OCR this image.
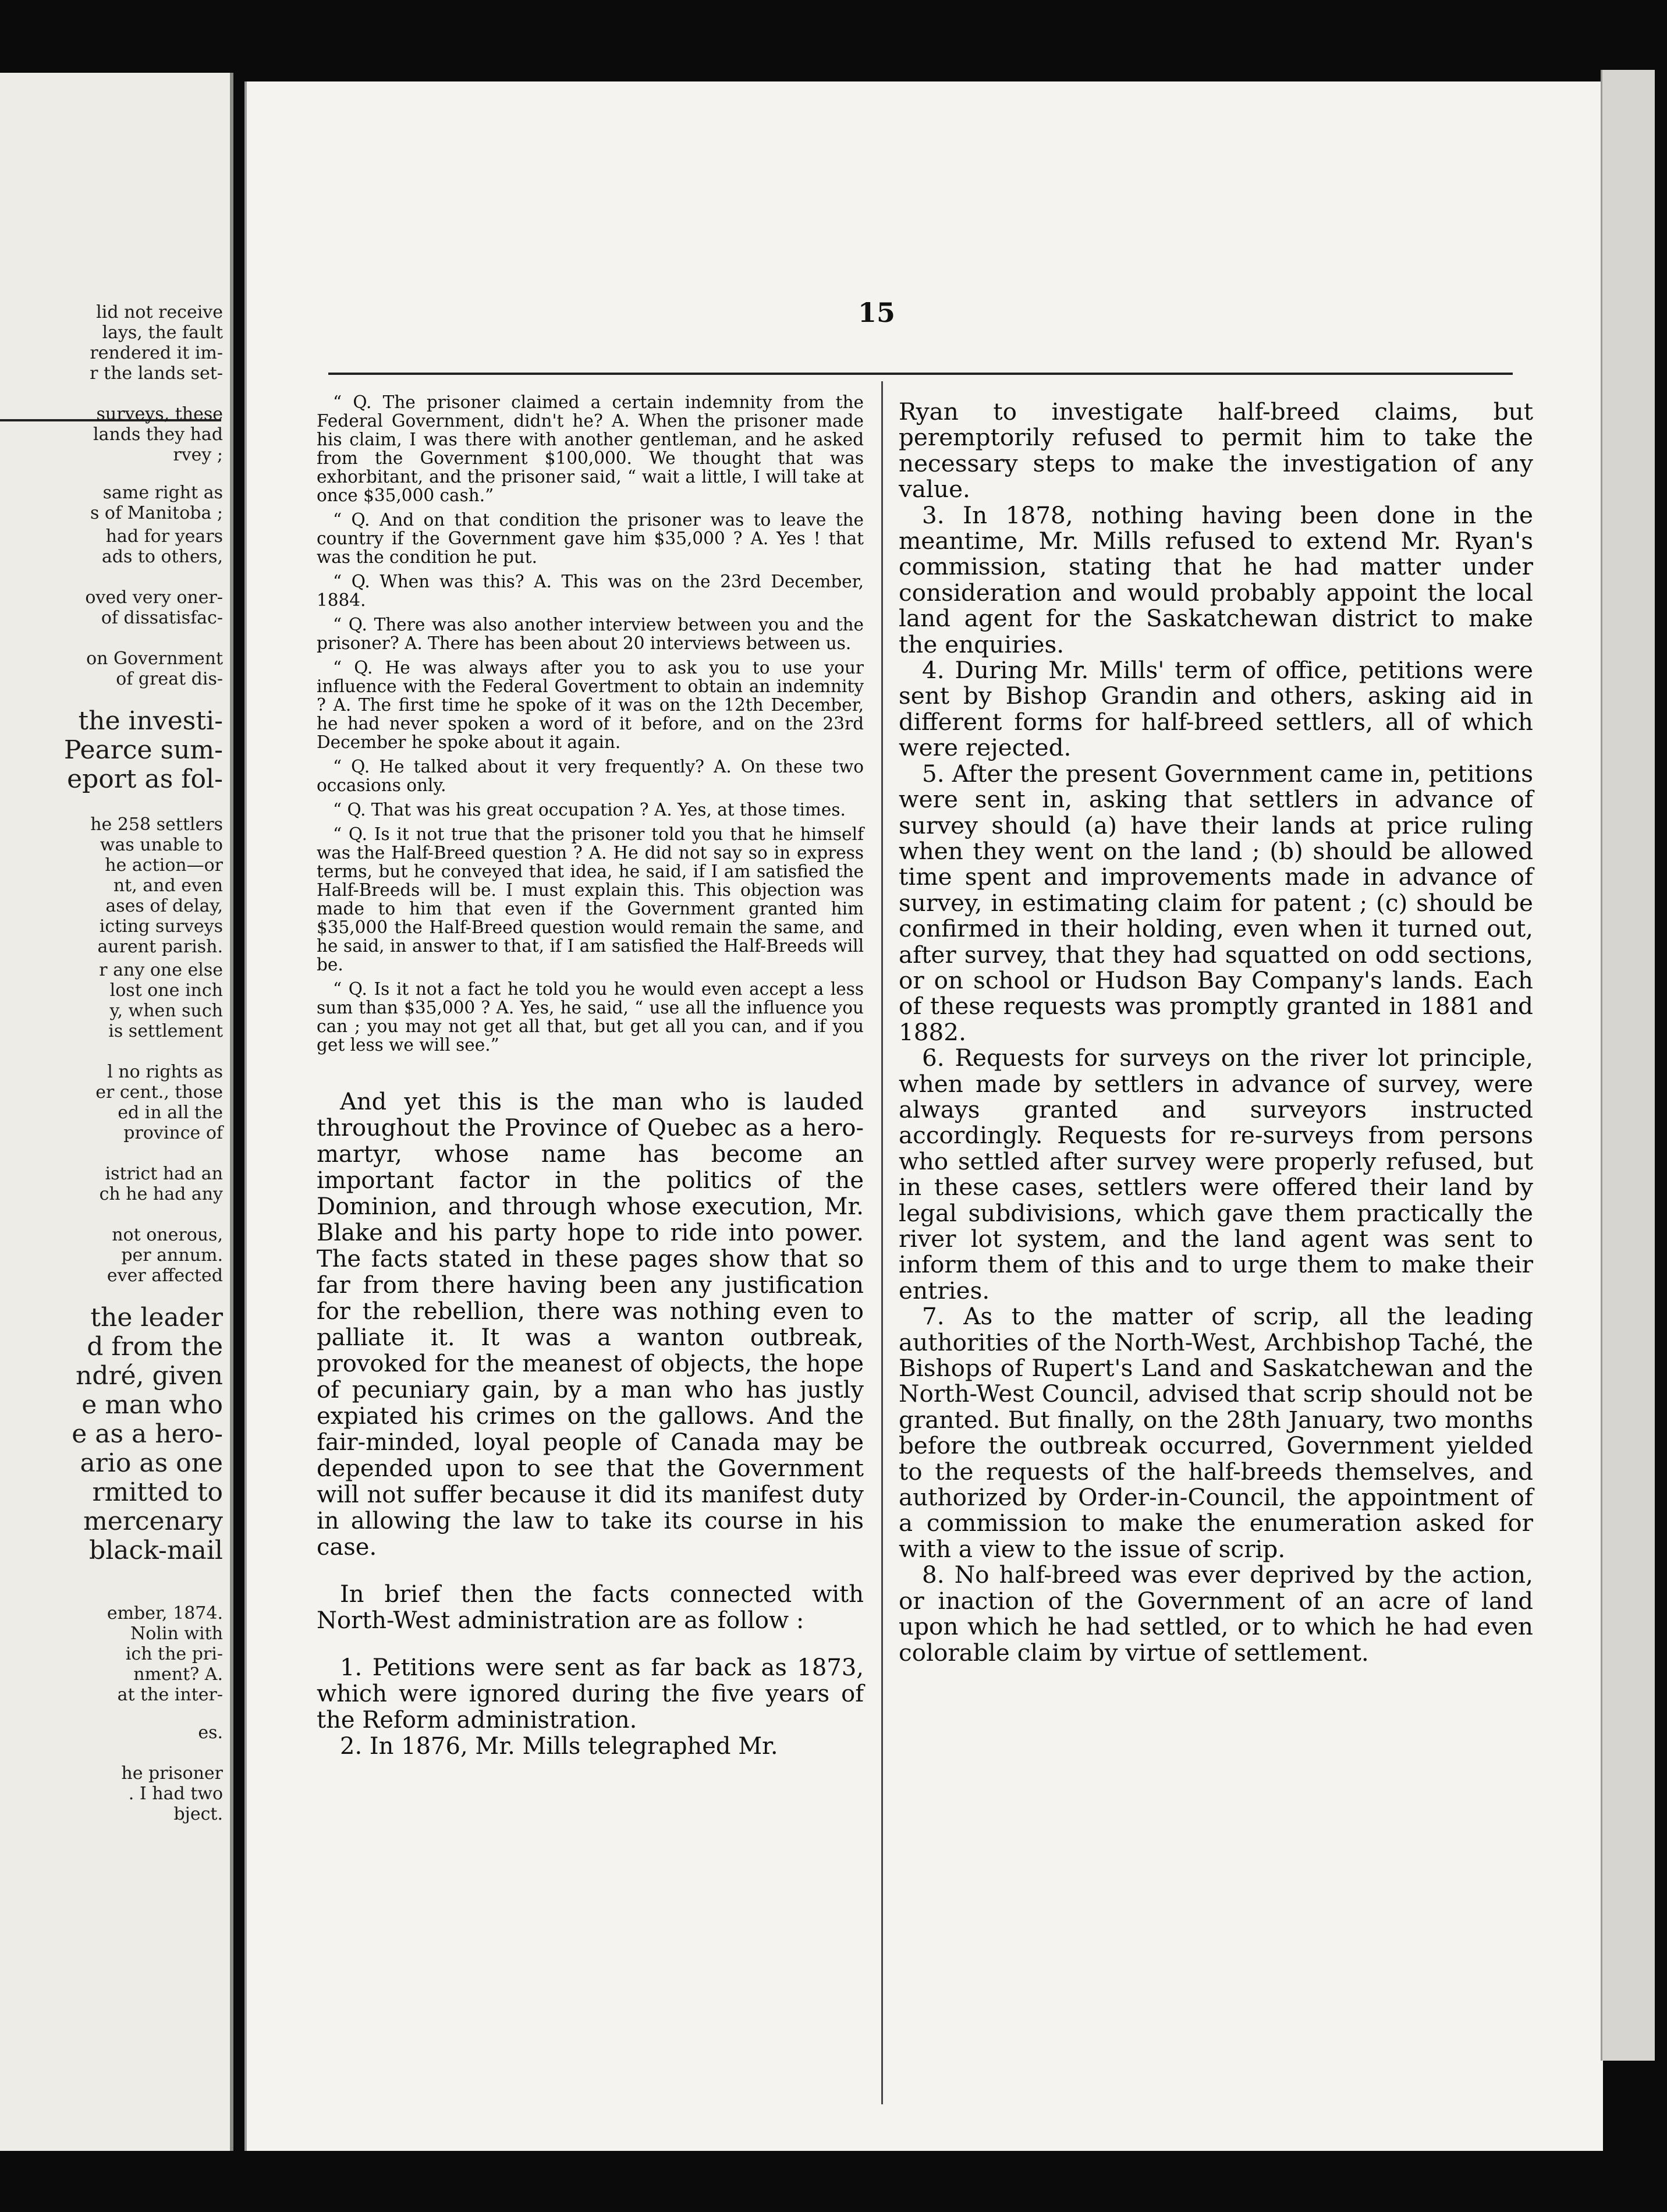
lid not receive
lays, the fault
rendered it im-
r the lands set-
surveys, these
lands they had
rvey ;
same right as
s of Manitoba ;
had for years
ads to others,
oved very oner-
of dissatisfac-
on Government
of great dis-
the investi-
Pearce sum-
eport as fol-
he 258 settlers
was unable to
he action—or
nt, and even
ases of delay,
icting surveys
aurent parish.
r any one else
lost one inch
y, when such
is settlement
l no rights as
er cent., those
ed in all the
province of
istrict had an
ch he had any
not onerous,
per annum.
ever affected
the leader
d from the
ndré, given
e man who
e as a hero-
ario as one
rmitted to
mercenary
black-mail
ember, 1874.
Nolin with
ich the pri-
nment? A.
at the inter-
es.
he prisoner
. I had two
bject.
15

“ Q. The prisoner claimed a certain indemnity from the Federal Government, didn't he? A. When the prisoner made his claim, I was there with another gentleman, and he asked from the Government $100,000. We thought that was exhorbitant, and the prisoner said, “ wait a little, I will take at once $35,000 cash.”

“ Q. And on that condition the prisoner was to leave the country if the Government gave him $35,000 ? A. Yes ! that was the condition he put.

“ Q. When was this? A. This was on the 23rd December, 1884.

“ Q. There was also another interview between you and the prisoner? A. There has been about 20 interviews between us.

“ Q. He was always after you to ask you to use your influence with the Federal Govertment to obtain an indemnity ? A. The first time he spoke of it was on the 12th December, he had never spoken a word of it before, and on the 23rd December he spoke about it again.

“ Q. He talked about it very frequently? A. On these two occasions only.

“ Q. That was his great occupation ? A. Yes, at those times.

“ Q. Is it not true that the prisoner told you that he himself was the Half-Breed question ? A. He did not say so in express terms, but he conveyed that idea, he said, if I am satisfied the Half-Breeds will be. I must explain this. This objection was made to him that even if the Government granted him $35,000 the Half-Breed question would remain the same, and he said, in answer to that, if I am satisfied the Half-Breeds will be.

“ Q. Is it not a fact he told you he would even accept a less sum than $35,000 ? A. Yes, he said, “ use all the influence you can ; you may not get all that, but get all you can, and if you get less we will see.”

And yet this is the man who is lauded throughout the Province of Quebec as a hero-martyr, whose name has become an important factor in the politics of the Dominion, and through whose execution, Mr. Blake and his party hope to ride into power. The facts stated in these pages show that so far from there having been any justification for the rebellion, there was nothing even to palliate it. It was a wanton outbreak, provoked for the meanest of objects, the hope of pecuniary gain, by a man who has justly expiated his crimes on the gallows. And the fair-minded, loyal people of Canada may be depended upon to see that the Government will not suffer because it did its manifest duty in allowing the law to take its course in his case.

In brief then the facts connected with North-West administration are as follow :

1. Petitions were sent as far back as 1873, which were ignored during the five years of the Reform administration.

2. In 1876, Mr. Mills telegraphed Mr.

Ryan to investigate half-breed claims, but peremptorily refused to permit him to take the necessary steps to make the investigation of any value.

3. In 1878, nothing having been done in the meantime, Mr. Mills refused to extend Mr. Ryan's commission, stating that he had matter under consideration and would probably appoint the local land agent for the Saskatchewan district to make the enquiries.

4. During Mr. Mills' term of office, petitions were sent by Bishop Grandin and others, asking aid in different forms for half-breed settlers, all of which were rejected.

5. After the present Government came in, petitions were sent in, asking that settlers in advance of survey should (a) have their lands at price ruling when they went on the land ; (b) should be allowed time spent and improvements made in advance of survey, in estimating claim for patent ; (c) should be confirmed in their holding, even when it turned out, after survey, that they had squatted on odd sections, or on school or Hudson Bay Company's lands. Each of these requests was promptly granted in 1881 and 1882.

6. Requests for surveys on the river lot principle, when made by settlers in advance of survey, were always granted and surveyors instructed accordingly. Requests for re-surveys from persons who settled after survey were properly refused, but in these cases, settlers were offered their land by legal subdivisions, which gave them practically the river lot system, and the land agent was sent to inform them of this and to urge them to make their entries.

7. As to the matter of scrip, all the leading authorities of the North-West, Archbishop Taché, the Bishops of Rupert's Land and Saskatchewan and the North-West Council, advised that scrip should not be granted. But finally, on the 28th January, two months before the outbreak occurred, Government yielded to the requests of the half-breeds themselves, and authorized by Order-in-Council, the appointment of a commission to make the enumeration asked for with a view to the issue of scrip.

8. No half-breed was ever deprived by the action, or inaction of the Government of an acre of land upon which he had settled, or to which he had even colorable claim by virtue of settlement.
